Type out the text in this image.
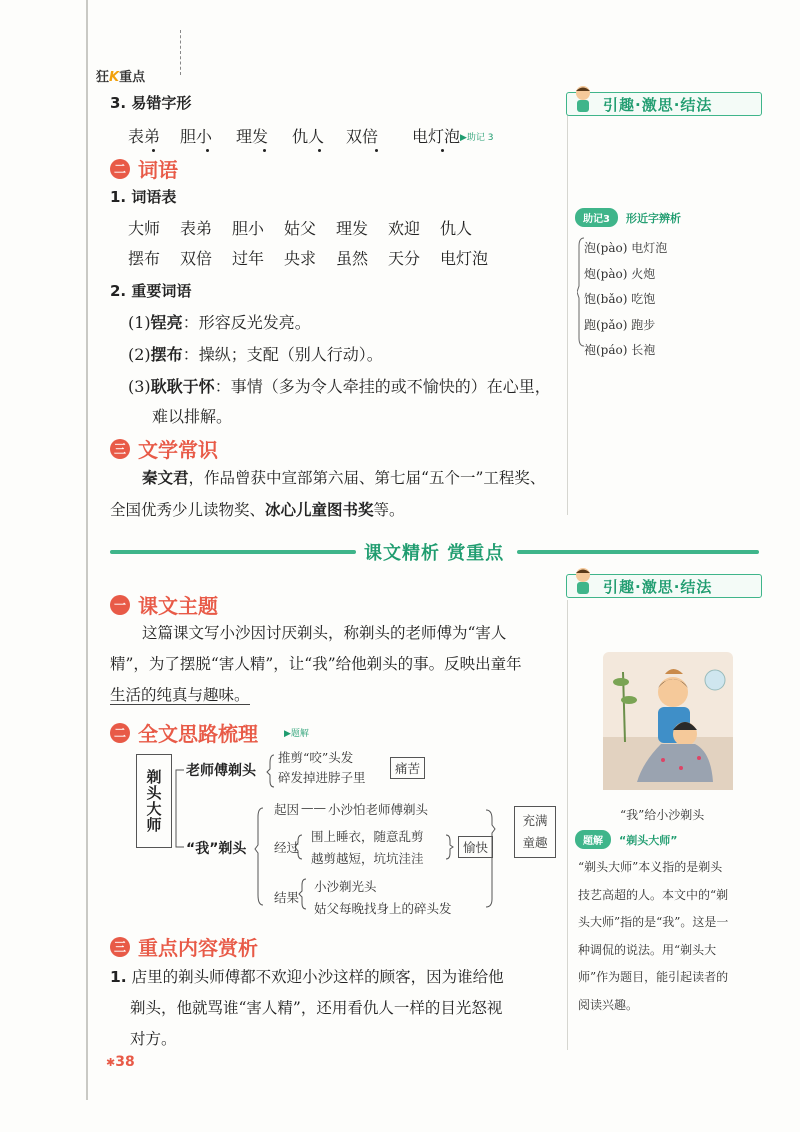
狂K重点
引趣·激思·结法
3. 易错字形
表弟	胆小	理发	仇人	双倍	电灯泡 ▶助记 3
二 词语
1. 词语表
大师	表弟	胆小	姑父	理发	欢迎	仇人
摆布	双倍	过年	央求	虽然	天分	电灯泡
2. 重要词语
(1)锃亮：形容反光发亮。
(2)摆布：操纵；支配（别人行动）。
(3)耿耿于怀：事情（多为令人牵挂的或不愉快的）在心里，
难以排解。
助记3	形近字辨析
泡(pào) 电灯泡
炮(pào) 火炮
饱(bǎo) 吃饱
跑(pǎo) 跑步
袍(páo) 长袍
三 文学常识
秦文君，作品曾获中宣部第六届、第七届“五个一”工程奖、
全国优秀少儿读物奖、冰心儿童图书奖等。
课文精析 赏重点
引趣·激思·结法
“我”给小沙剃头
题解	“剃头大师”
“剃头大师”本义指的是剃头
技艺高超的人。本文中的“剃
头大师”指的是“我”。这是一
种调侃的说法。用“剃头大
师”作为题目，能引起读者的
阅读兴趣。
一 课文主题
这篇课文写小沙因讨厌剃头，称剃头的老师傅为“害人
精”，为了摆脱“害人精”，让“我”给他剃头的事。反映出童年
生活的纯真与趣味。
二 全文思路梳理	▶题解
剃头大师 老师傅剃头
推剪“咬”头发
碎发掉进脖子里
痛苦
“我”剃头
起因 —— 小沙怕老师傅剃头
经过
围上睡衣，随意乱剪
越剪越短，坑坑洼洼
愉快
结果
小沙剃光头
姑父每晚找身上的碎头发
充满童趣
三 重点内容赏析
1. 店里的剃头师傅都不欢迎小沙这样的顾客，因为谁给他
剃头，他就骂谁“害人精”，还用看仇人一样的目光怒视
对方。
✱38
